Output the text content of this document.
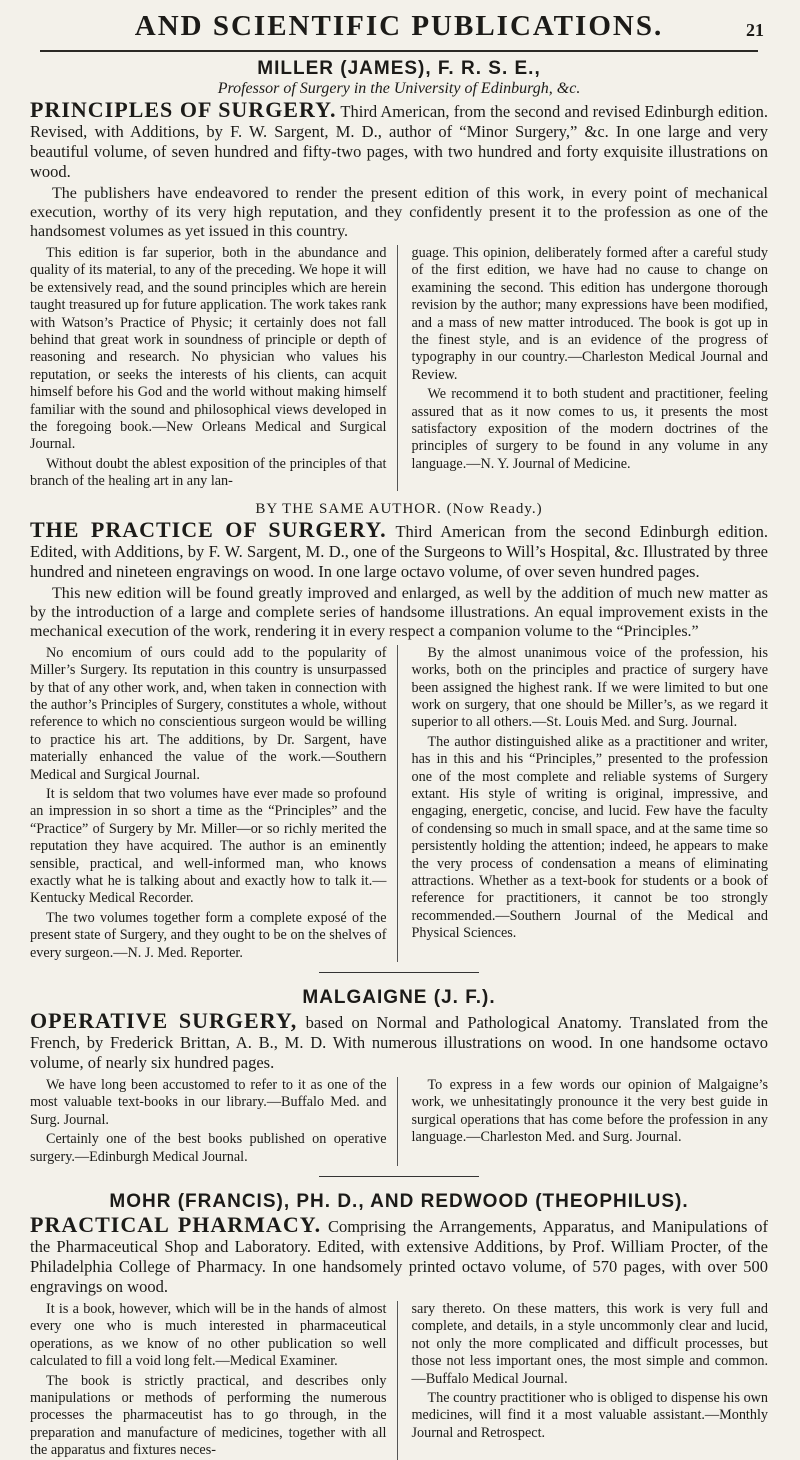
AND SCIENTIFIC PUBLICATIONS.	21
MILLER (JAMES), F. R. S. E.,
Professor of Surgery in the University of Edinburgh, &c.

PRINCIPLES OF SURGERY. Third American, from the second and revised Edinburgh edition. Revised, with Additions, by F. W. Sargent, M. D., author of “Minor Surgery,” &c. In one large and very beautiful volume, of seven hundred and fifty-two pages, with two hundred and forty exquisite illustrations on wood.

The publishers have endeavored to render the present edition of this work, in every point of mechanical execution, worthy of its very high reputation, and they confidently present it to the profession as one of the handsomest volumes as yet issued in this country.

This edition is far superior, both in the abundance and quality of its material, to any of the preceding. We hope it will be extensively read, and the sound principles which are herein taught treasured up for future application. The work takes rank with Watson’s Practice of Physic; it certainly does not fall behind that great work in soundness of principle or depth of reasoning and research. No physician who values his reputation, or seeks the interests of his clients, can acquit himself before his God and the world without making himself familiar with the sound and philosophical views developed in the foregoing book.—New Orleans Medical and Surgical Journal.

Without doubt the ablest exposition of the principles of that branch of the healing art in any lan-

guage. This opinion, deliberately formed after a careful study of the first edition, we have had no cause to change on examining the second. This edition has undergone thorough revision by the author; many expressions have been modified, and a mass of new matter introduced. The book is got up in the finest style, and is an evidence of the progress of typography in our country.—Charleston Medical Journal and Review.

We recommend it to both student and practitioner, feeling assured that as it now comes to us, it presents the most satisfactory exposition of the modern doctrines of the principles of surgery to be found in any volume in any language.—N. Y. Journal of Medicine.

BY THE SAME AUTHOR. (Now Ready.)

THE PRACTICE OF SURGERY. Third American from the second Edinburgh edition. Edited, with Additions, by F. W. Sargent, M. D., one of the Surgeons to Will’s Hospital, &c. Illustrated by three hundred and nineteen engravings on wood. In one large octavo volume, of over seven hundred pages.

This new edition will be found greatly improved and enlarged, as well by the addition of much new matter as by the introduction of a large and complete series of handsome illustrations. An equal improvement exists in the mechanical execution of the work, rendering it in every respect a companion volume to the “Principles.”

No encomium of ours could add to the popularity of Miller’s Surgery. Its reputation in this country is unsurpassed by that of any other work, and, when taken in connection with the author’s Principles of Surgery, constitutes a whole, without reference to which no conscientious surgeon would be willing to practice his art. The additions, by Dr. Sargent, have materially enhanced the value of the work.—Southern Medical and Surgical Journal.

It is seldom that two volumes have ever made so profound an impression in so short a time as the “Principles” and the “Practice” of Surgery by Mr. Miller—or so richly merited the reputation they have acquired. The author is an eminently sensible, practical, and well-informed man, who knows exactly what he is talking about and exactly how to talk it.—Kentucky Medical Recorder.

The two volumes together form a complete exposé of the present state of Surgery, and they ought to be on the shelves of every surgeon.—N. J. Med. Reporter.

By the almost unanimous voice of the profession, his works, both on the principles and practice of surgery have been assigned the highest rank. If we were limited to but one work on surgery, that one should be Miller’s, as we regard it superior to all others.—St. Louis Med. and Surg. Journal.

The author distinguished alike as a practitioner and writer, has in this and his “Principles,” presented to the profession one of the most complete and reliable systems of Surgery extant. His style of writing is original, impressive, and engaging, energetic, concise, and lucid. Few have the faculty of condensing so much in small space, and at the same time so persistently holding the attention; indeed, he appears to make the very process of condensation a means of eliminating attractions. Whether as a text-book for students or a book of reference for practitioners, it cannot be too strongly recommended.—Southern Journal of the Medical and Physical Sciences.

MALGAIGNE (J. F.).

OPERATIVE SURGERY, based on Normal and Pathological Anatomy. Translated from the French, by Frederick Brittan, A. B., M. D. With numerous illustrations on wood. In one handsome octavo volume, of nearly six hundred pages.

We have long been accustomed to refer to it as one of the most valuable text-books in our library.—Buffalo Med. and Surg. Journal.

Certainly one of the best books published on operative surgery.—Edinburgh Medical Journal.

To express in a few words our opinion of Malgaigne’s work, we unhesitatingly pronounce it the very best guide in surgical operations that has come before the profession in any language.—Charleston Med. and Surg. Journal.

MOHR (FRANCIS), PH. D., AND REDWOOD (THEOPHILUS).

PRACTICAL PHARMACY. Comprising the Arrangements, Apparatus, and Manipulations of the Pharmaceutical Shop and Laboratory. Edited, with extensive Additions, by Prof. William Procter, of the Philadelphia College of Pharmacy. In one handsomely printed octavo volume, of 570 pages, with over 500 engravings on wood.

It is a book, however, which will be in the hands of almost every one who is much interested in pharmaceutical operations, as we know of no other publication so well calculated to fill a void long felt.—Medical Examiner.

The book is strictly practical, and describes only manipulations or methods of performing the numerous processes the pharmaceutist has to go through, in the preparation and manufacture of medicines, together with all the apparatus and fixtures neces-

sary thereto. On these matters, this work is very full and complete, and details, in a style uncommonly clear and lucid, not only the more complicated and difficult processes, but those not less important ones, the most simple and common.—Buffalo Medical Journal.

The country practitioner who is obliged to dispense his own medicines, will find it a most valuable assistant.—Monthly Journal and Retrospect.
